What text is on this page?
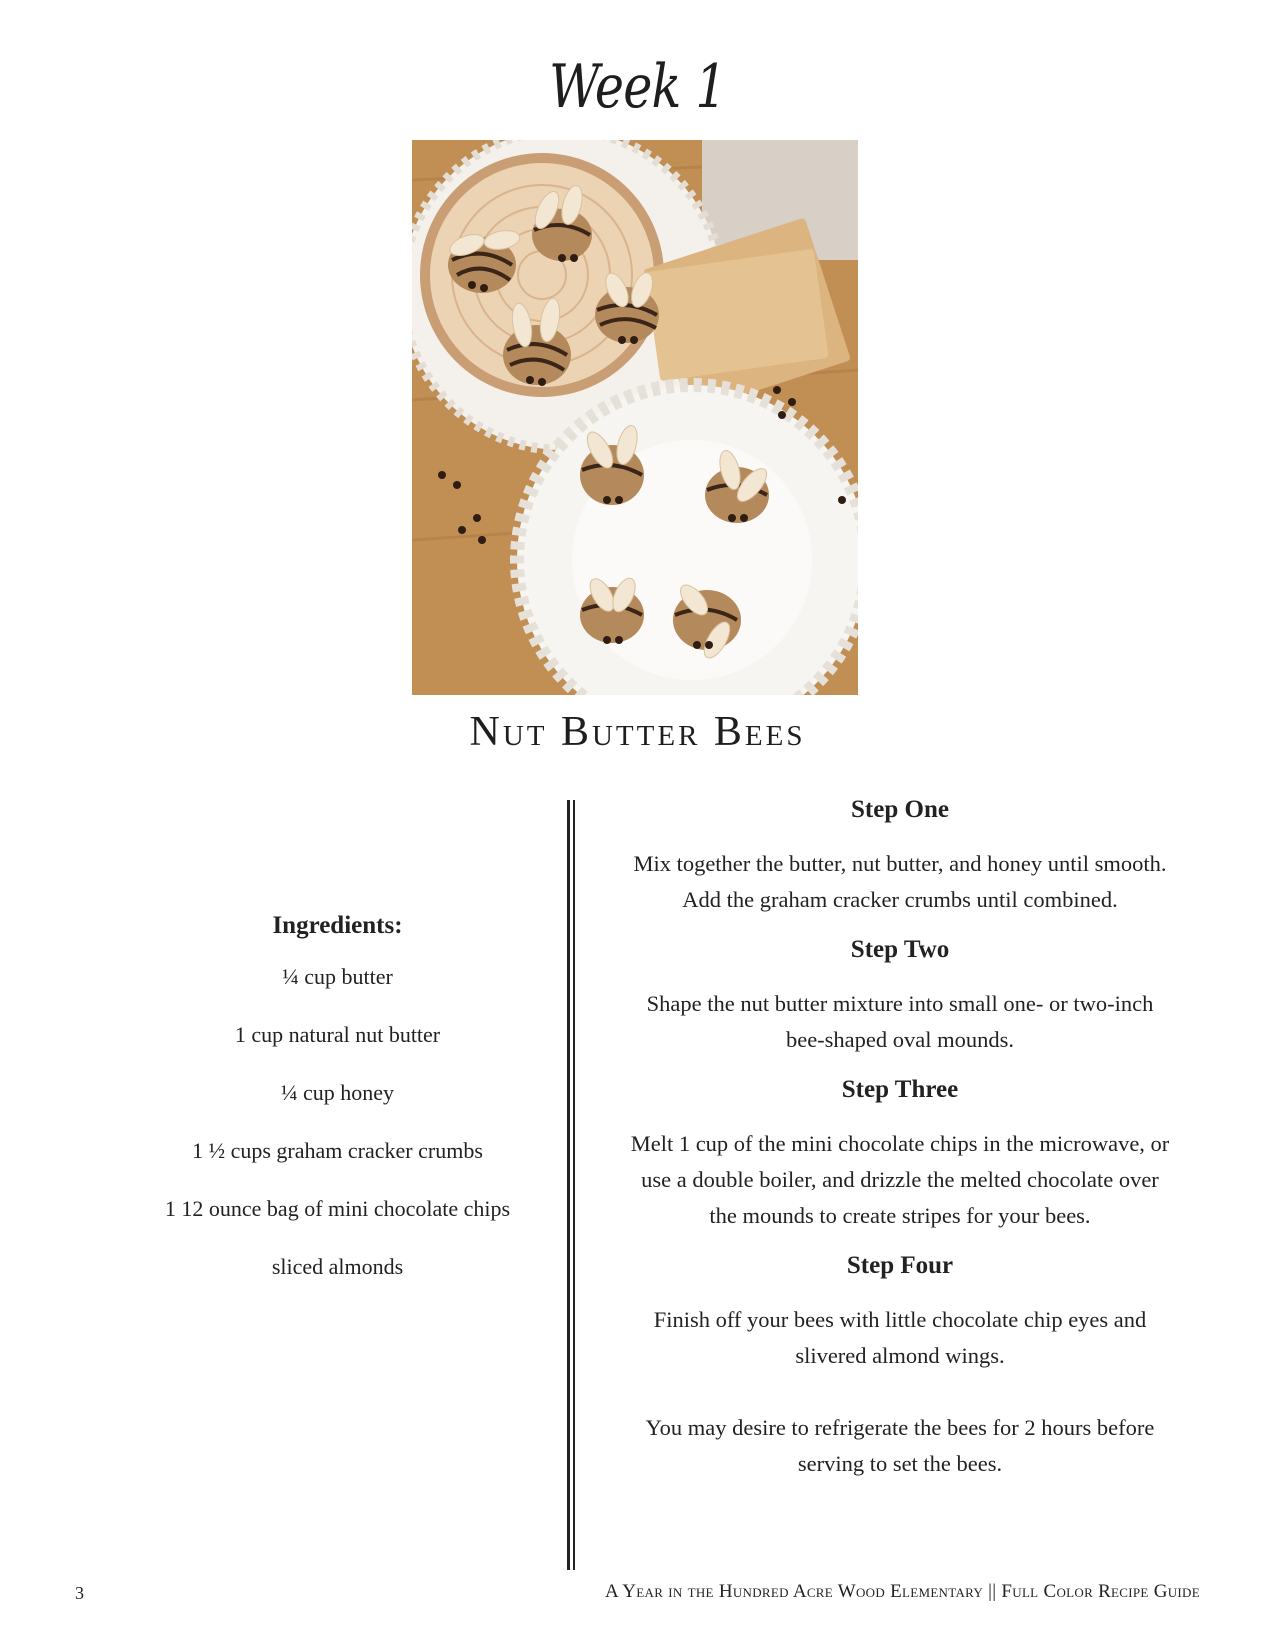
Week 1
Nut Butter Bees
Ingredients:
¼ cup butter
1 cup natural nut butter
¼ cup honey
1 ½ cups graham cracker crumbs
1 12 ounce bag of mini chocolate chips
sliced almonds
Step One

Mix together the butter, nut butter, and honey until smooth. Add the graham cracker crumbs until combined.

Step Two

Shape the nut butter mixture into small one- or two-inch bee-shaped oval mounds.

Step Three

Melt 1 cup of the mini chocolate chips in the microwave, or use a double boiler, and drizzle the melted chocolate over the mounds to create stripes for your bees.

Step Four

Finish off your bees with little chocolate chip eyes and slivered almond wings.

You may desire to refrigerate the bees for 2 hours before serving to set the bees.

3	A Year in the Hundred Acre Wood Elementary || Full Color Recipe Guide
